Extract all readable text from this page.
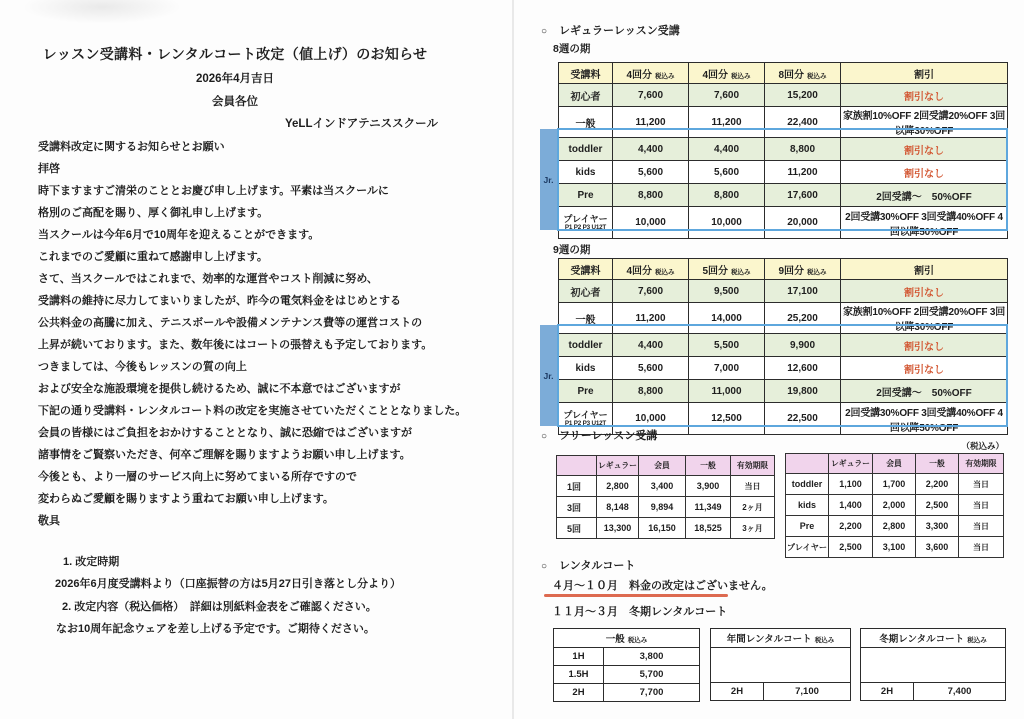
レッスン受講料・レンタルコート改定（値上げ）のお知らせ
2026年4月吉日
会員各位
YeLLインドアテニススクール
受講料改定に関するお知らせとお願い
拝啓
時下ますますご清栄のこととお慶び申し上げます。平素は当スクールに
格別のご高配を賜り、厚く御礼申し上げます。
当スクールは今年6月で10周年を迎えることができます。
これまでのご愛顧に重ねて感謝申し上げます。
さて、当スクールではこれまで、効率的な運営やコスト削減に努め、
受講料の維持に尽力してまいりましたが、昨今の電気料金をはじめとする
公共料金の高騰に加え、テニスボールや設備メンテナンス費等の運営コストの
上昇が続いております。また、数年後にはコートの張替えも予定しております。
つきましては、今後もレッスンの質の向上
および安全な施設環境を提供し続けるため、誠に不本意ではございますが
下記の通り受講料・レンタルコート料の改定を実施させていただくこととなりました。
会員の皆様にはご負担をおかけすることとなり、誠に恐縮ではございますが
諸事情をご賢察いただき、何卒ご理解を賜りますようお願い申し上げます。
今後とも、より一層のサービス向上に努めてまいる所存ですので
変わらぬご愛顧を賜りますよう重ねてお願い申し上げます。
敬具
1. 改定時期
2026年6月度受講料より（口座振替の方は5月27日引き落とし分より）
2. 改定内容（税込価格）　詳細は別紙料金表をご確認ください。
なお10周年記念ウェアを差し上げる予定です。ご期待ください。
○ レギュラーレッスン受講
8週の期
受講料	4回分 税込み	4回分 税込み	8回分 税込み	割引
初心者	7,600	7,600	15,200	割引なし
一般	11,200	11,200	22,400	家族割10%OFF 2回受講20%OFF 3回以降30%OFF
toddler	4,400	4,400	8,800	割引なし
kids	5,600	5,600	11,200	割引なし
Pre	8,800	8,800	17,600	2回受講～　50%OFF

プレイヤー
P1 P2 P3 U12T	10,000	10,000	20,000	2回受講30%OFF 3回受講40%OFF 4回以降50%OFF
Jr.
9週の期
受講料	4回分 税込み	5回分 税込み	9回分 税込み	割引
初心者	7,600	9,500	17,100	割引なし
一般	11,200	14,000	25,200	家族割10%OFF 2回受講20%OFF 3回以降30%OFF
toddler	4,400	5,500	9,900	割引なし
kids	5,600	7,000	12,600	割引なし
Pre	8,800	11,000	19,800	2回受講～　50%OFF

プレイヤー
P1 P2 P3 U12T	10,000	12,500	22,500	2回受講30%OFF 3回受講40%OFF 4回以降50%OFF
Jr.
○ フリーレッスン受講
	レギュラー	会員	一般	有効期限
1回	2,800	3,400	3,900	当日
3回	8,148	9,894	11,349	2ヶ月
5回	13,300	16,150	18,525	3ヶ月
（税込み）
	レギュラー	会員	一般	有効期限
toddler	1,100	1,700	2,200	当日
kids	1,400	2,000	2,500	当日
Pre	2,200	2,800	3,300	当日
プレイヤー	2,500	3,100	3,600	当日
○ レンタルコート
４月～１０月　料金の改定はございません。
１１月～３月　冬期レンタルコート
一般 税込み	
1H	3,800
1.5H	5,700
2H	7,700
年間レンタルコート 税込み

2H	7,100
冬期レンタルコート 税込み

2H	7,400
